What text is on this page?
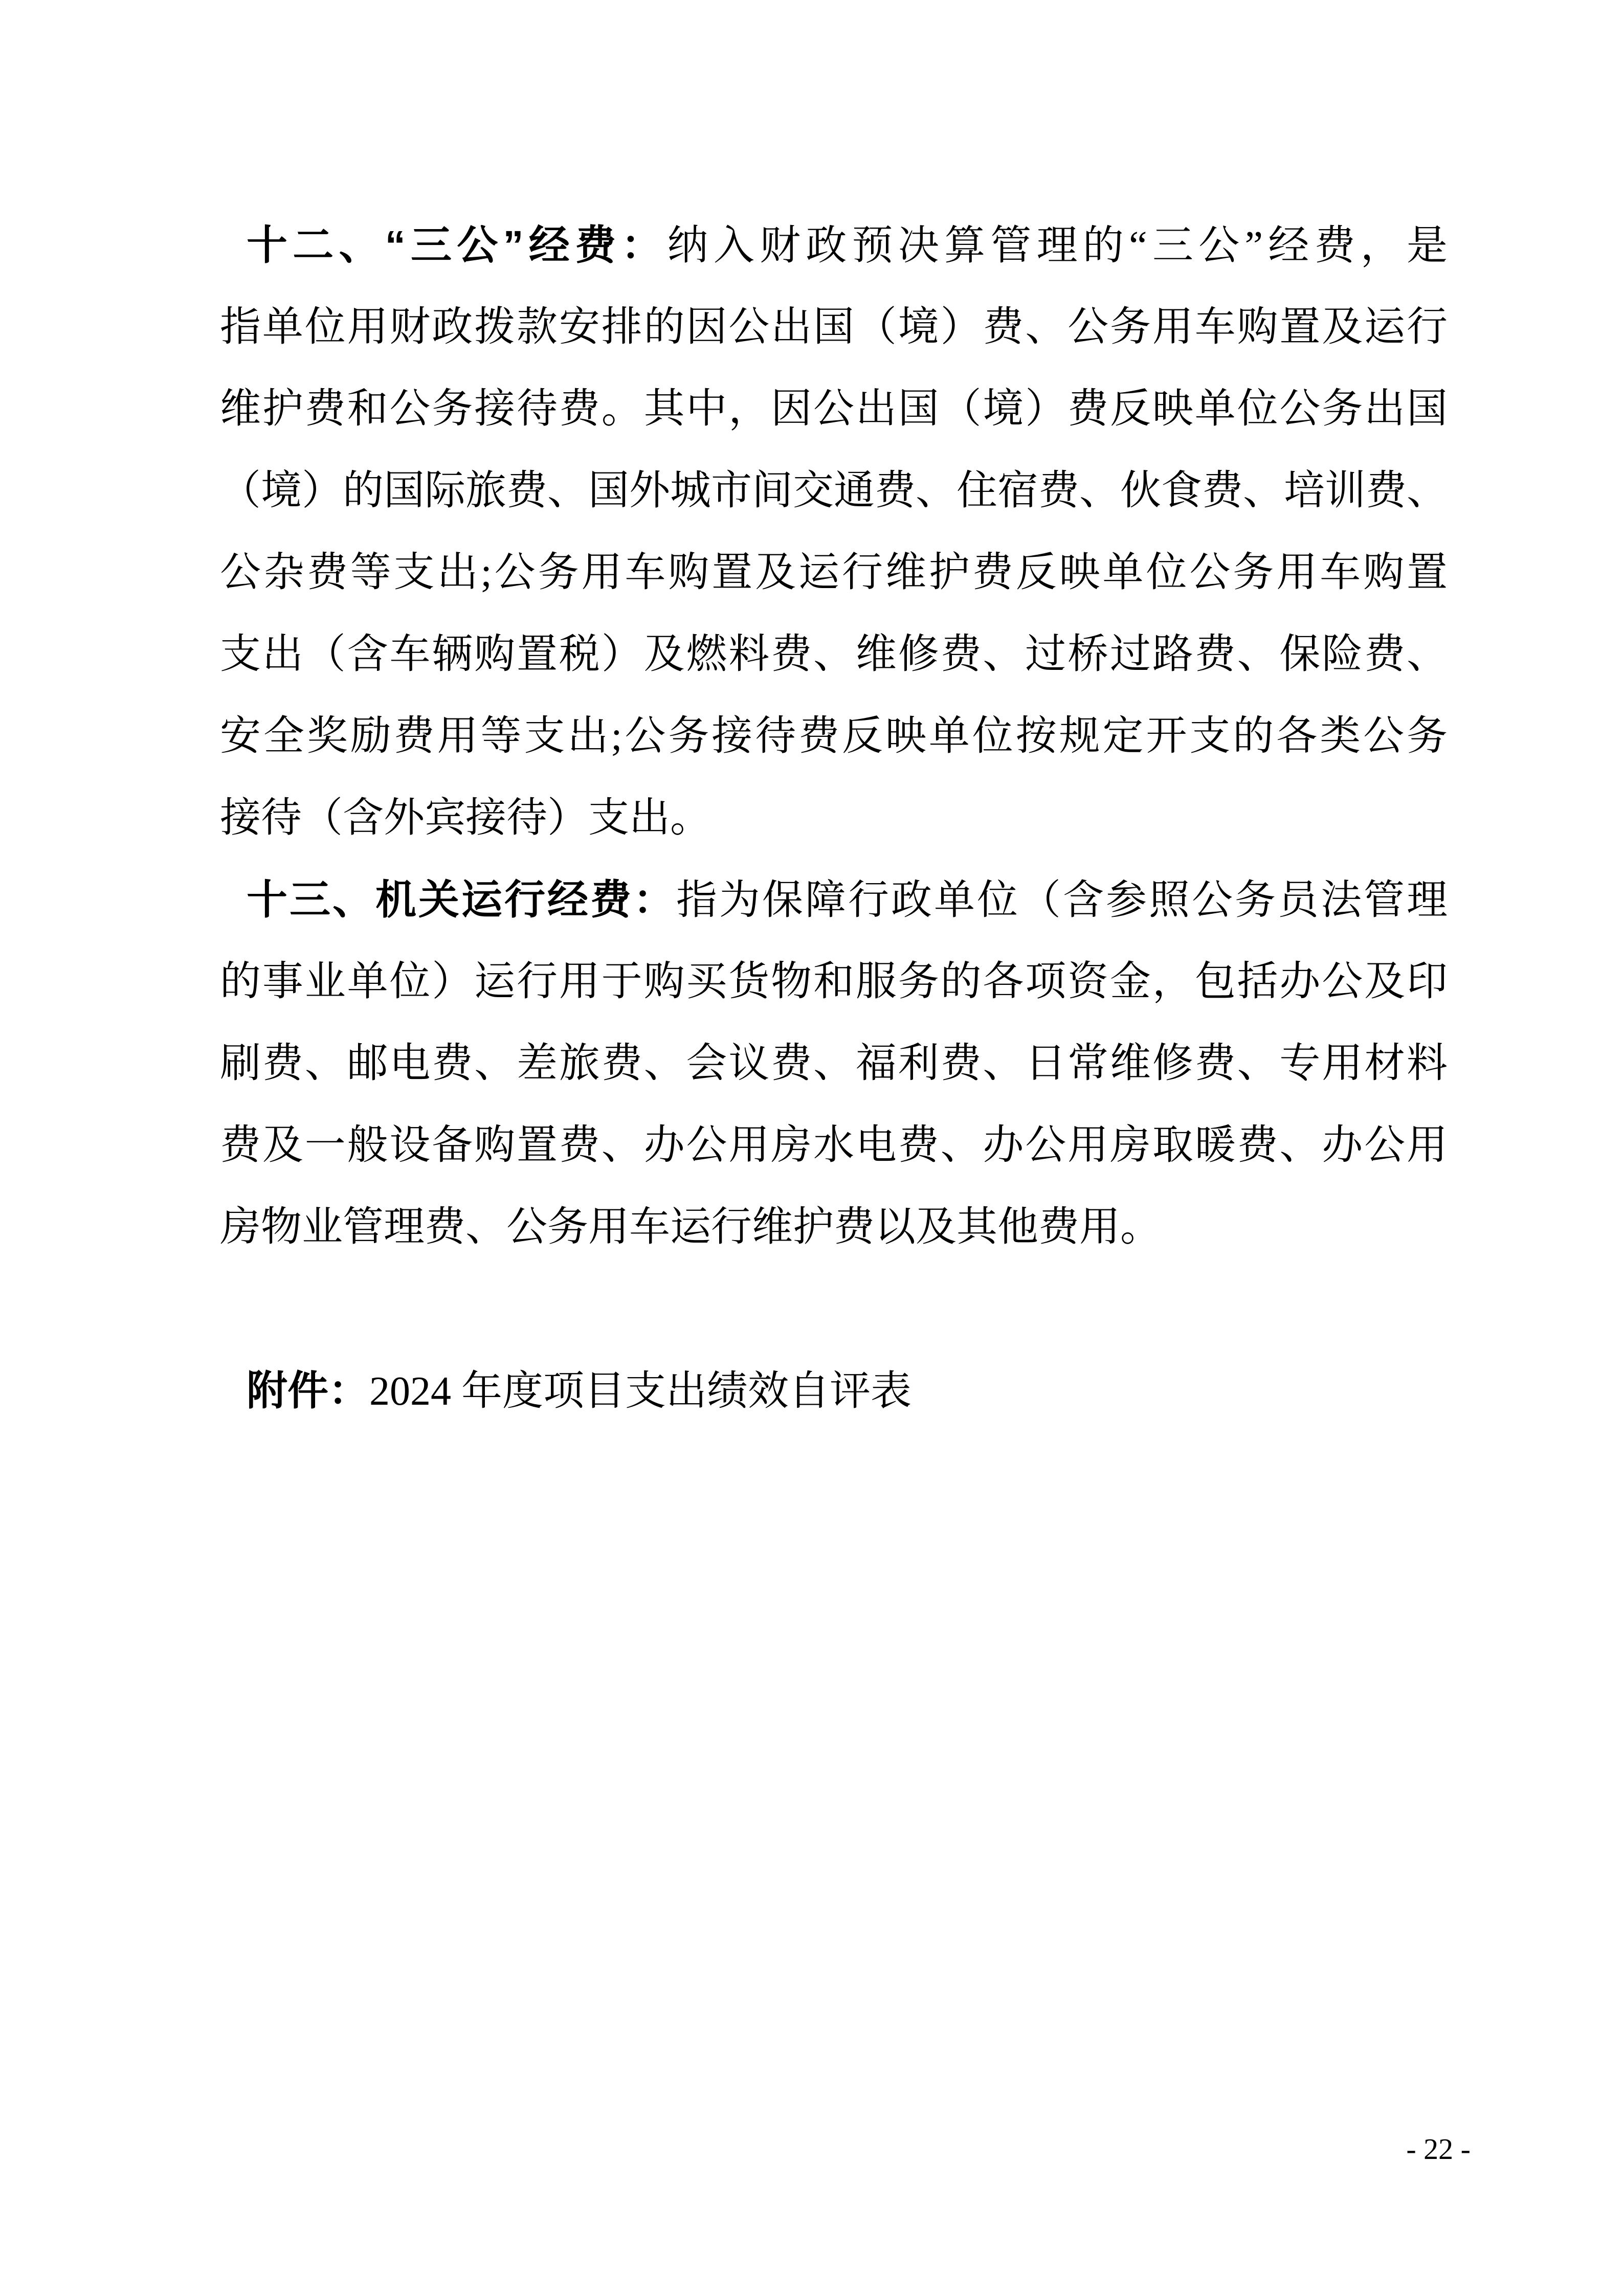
十二、“三公”经费：纳入财政预决算管理的“三公”经费，是
指单位用财政拨款安排的因公出国（境）费、公务用车购置及运行
维护费和公务接待费。其中，因公出国（境）费反映单位公务出国
（境）的国际旅费、国外城市间交通费、住宿费、伙食费、培训费、
公杂费等支出;公务用车购置及运行维护费反映单位公务用车购置
支出（含车辆购置税）及燃料费、维修费、过桥过路费、保险费、
安全奖励费用等支出;公务接待费反映单位按规定开支的各类公务
接待（含外宾接待）支出。
十三、机关运行经费：指为保障行政单位（含参照公务员法管理
的事业单位）运行用于购买货物和服务的各项资金，包括办公及印
刷费、邮电费、差旅费、会议费、福利费、日常维修费、专用材料
费及一般设备购置费、办公用房水电费、办公用房取暖费、办公用
房物业管理费、公务用车运行维护费以及其他费用。
附件：2024 年度项目支出绩效自评表
- 22 -
